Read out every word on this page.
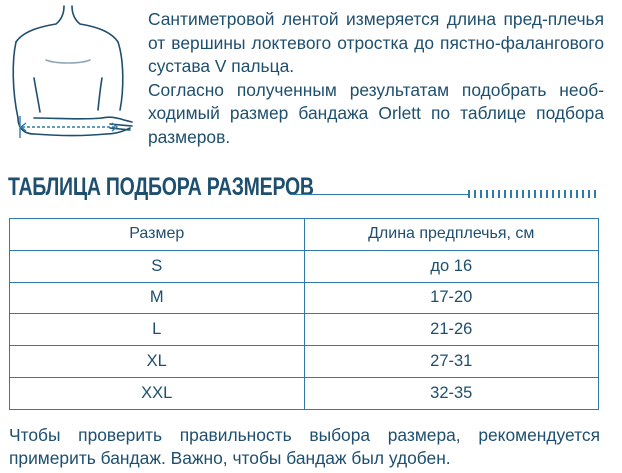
Сантиметровой лентой измеряется длина пред-плечья от вершины локтевого отростка до пястно-фалангового сустава V пальца.

Согласно полученным результатам подобрать необ-ходимый размер бандажа Orlett по таблице подбора размеров.

ТАБЛИЦА ПОДБОРА РАЗМЕРОВ
Размер	Длина предплечья, см
S	до 16
M	17-20
L	21-26
XL	27-31
XXL	32-35
Чтобы проверить правильность выбора размера, рекомендуется примерить бандаж. Важно, чтобы бандаж был удобен.
